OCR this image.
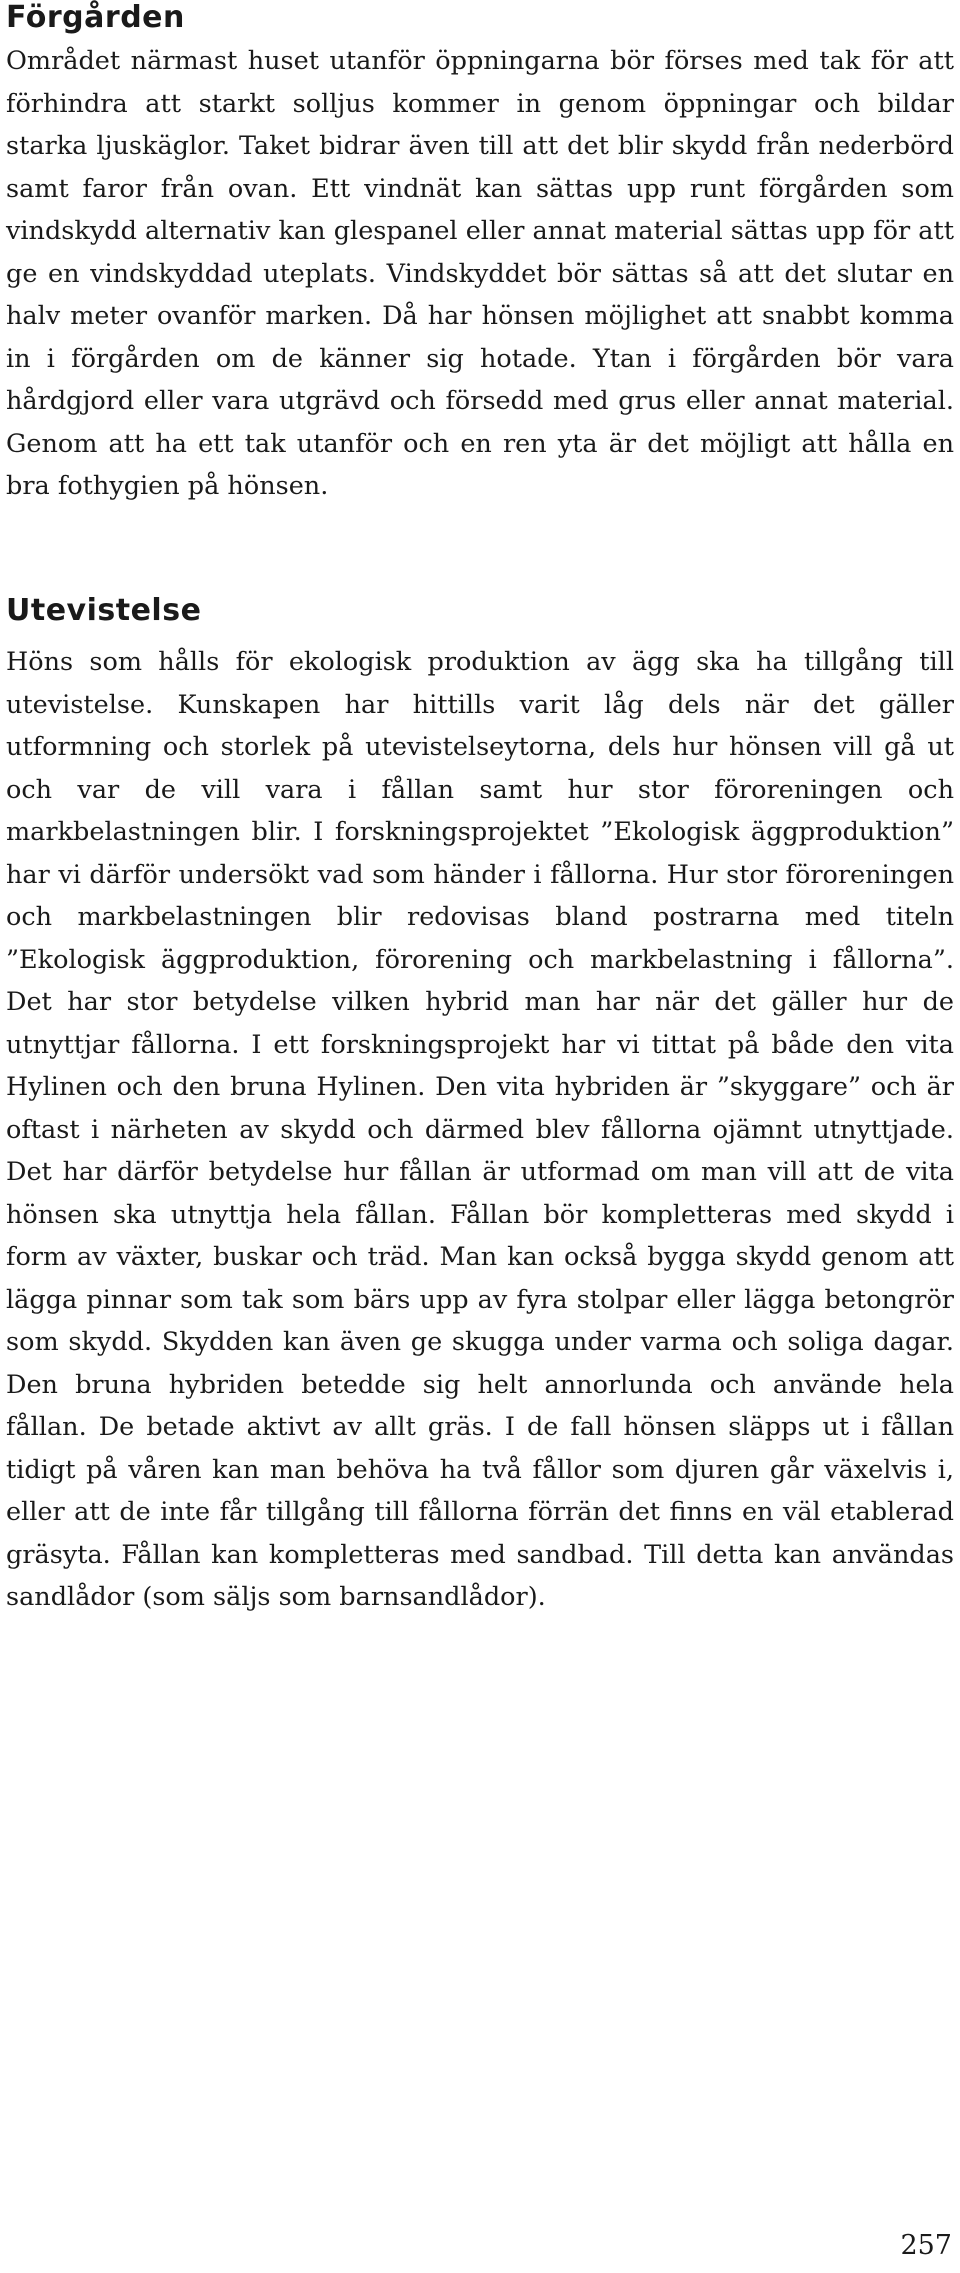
Förgården

Området närmast huset utanför öppningarna bör förses med tak för att förhindra att starkt solljus kommer in genom öppningar och bildar starka ljuskäglor. Taket bidrar även till att det blir skydd från nederbörd samt faror från ovan. Ett vindnät kan sättas upp runt förgården som vindskydd alternativ kan glespanel eller annat material sättas upp för att ge en vindskyddad uteplats. Vindskyddet bör sättas så att det slutar en halv meter ovanför marken. Då har hönsen möjlighet att snabbt komma in i förgården om de känner sig hotade. Ytan i förgården bör vara hårdgjord eller vara utgrävd och försedd med grus eller annat material. Genom att ha ett tak utanför och en ren yta är det möjligt att hålla en bra fothygien på hönsen.

Utevistelse

Höns som hålls för ekologisk produktion av ägg ska ha tillgång till utevistelse. Kunskapen har hittills varit låg dels när det gäller utformning och storlek på utevistelseytorna, dels hur hönsen vill gå ut och var de vill vara i fållan samt hur stor föroreningen och markbelastningen blir. I forskningsprojektet ”Ekologisk äggproduktion” har vi därför undersökt vad som händer i fållorna. Hur stor föroreningen och markbelastningen blir redovisas bland postrarna med titeln ”Ekologisk äggproduktion, förorening och markbelastning i fållorna”. Det har stor betydelse vilken hybrid man har när det gäller hur de utnyttjar fållorna. I ett forskningsprojekt har vi tittat på både den vita Hylinen och den bruna Hylinen. Den vita hybriden är ”skyggare” och är oftast i närheten av skydd och därmed blev fållorna ojämnt utnyttjade. Det har därför betydelse hur fållan är utformad om man vill att de vita hönsen ska utnyttja hela fållan. Fållan bör kompletteras med skydd i form av växter, buskar och träd. Man kan också bygga skydd genom att lägga pinnar som tak som bärs upp av fyra stolpar eller lägga betongrör som skydd. Skydden kan även ge skugga under varma och soliga dagar. Den bruna hybriden betedde sig helt annorlunda och använde hela fållan. De betade aktivt av allt gräs. I de fall hönsen släpps ut i fållan tidigt på våren kan man behöva ha två fållor som djuren går växelvis i, eller att de inte får tillgång till fållorna förrän det finns en väl etablerad gräsyta. Fållan kan kompletteras med sandbad. Till detta kan användas sandlådor (som säljs som barnsandlådor).

257
